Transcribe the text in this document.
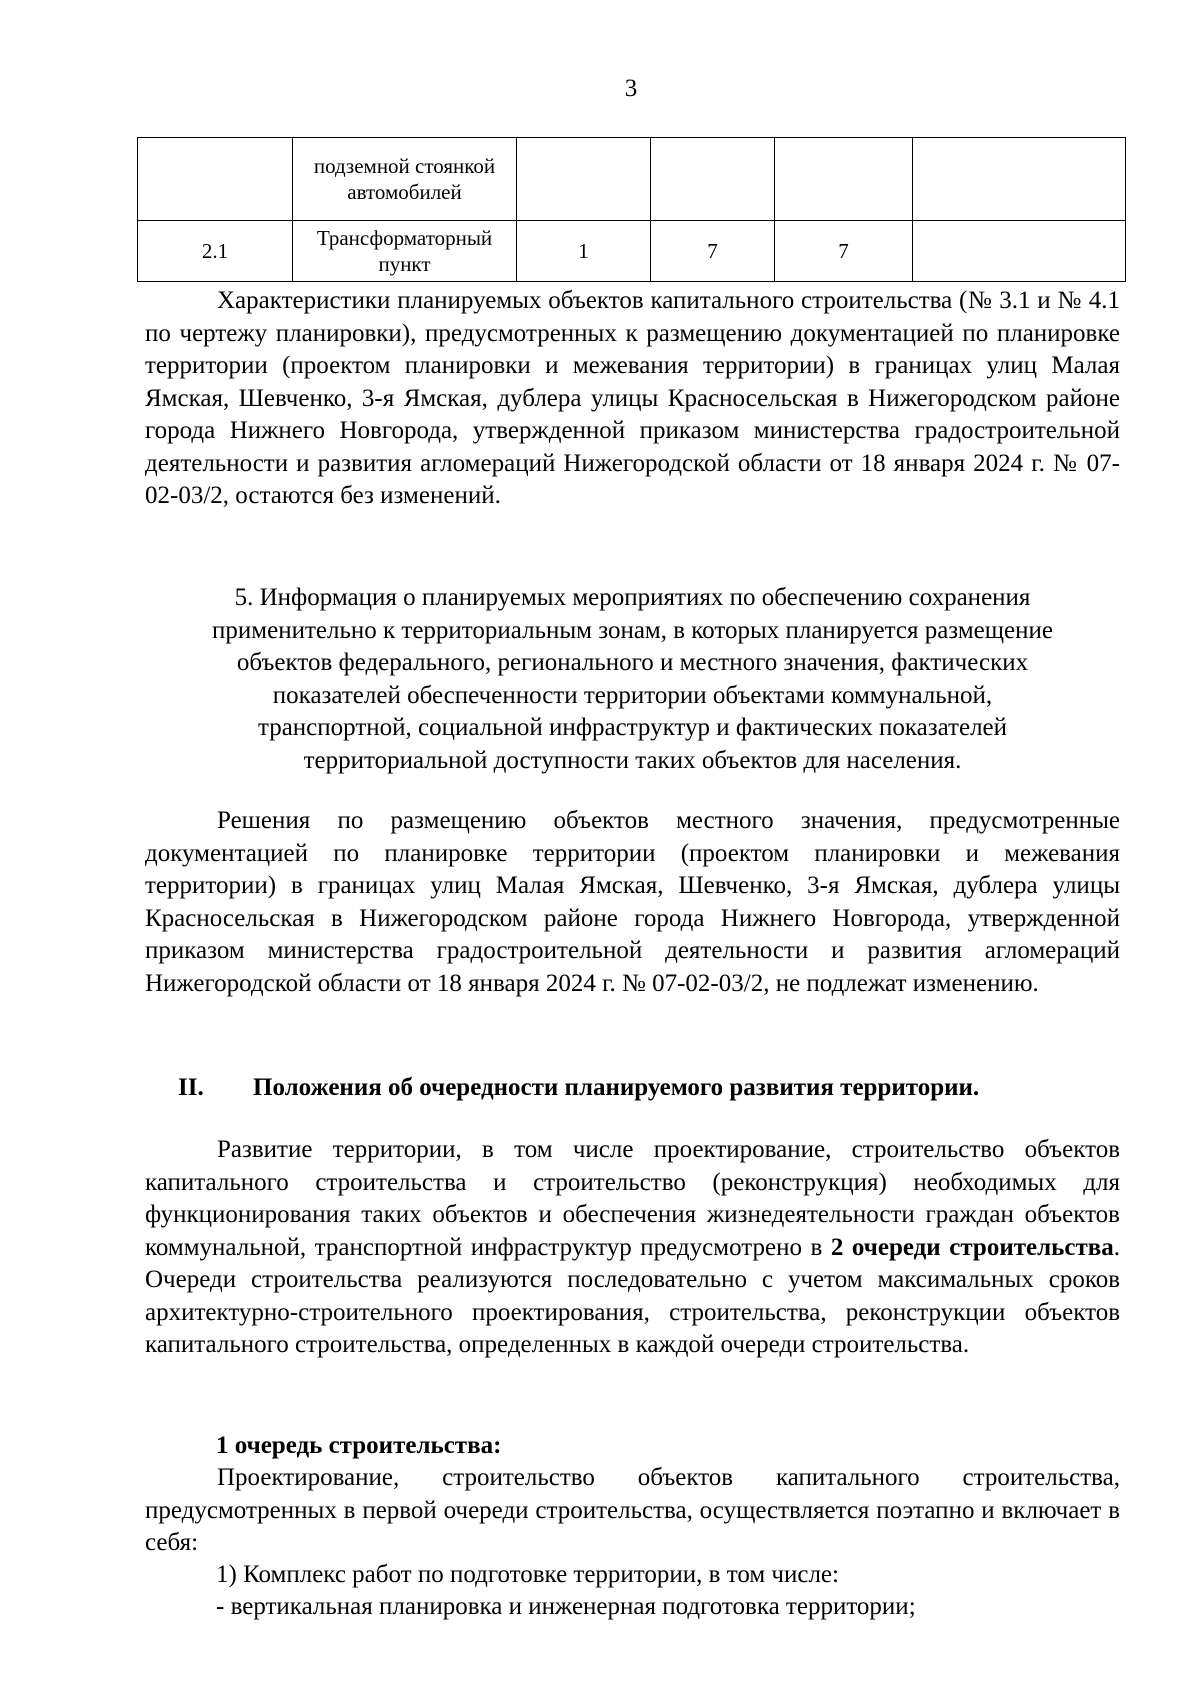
3
	подземной стоянкой автомобилей				
2.1	Трансформаторный пункт	1	7	7	

Характеристики планируемых объектов капитального строительства (№ 3.1 и № 4.1 по чертежу планировки), предусмотренных к размещению документацией по планировке территории (проектом планировки и межевания территории) в границах улиц Малая Ямская, Шевченко, 3-я Ямская, дублера улицы Красносельская в Нижегородском районе города Нижнего Новгорода, утвержденной приказом министерства градостроительной деятельности и развития агломераций Нижегородской области от 18 января 2024 г. № 07-02-03/2, остаются без изменений.

5. Информация о планируемых мероприятиях по обеспечению сохранения
применительно к территориальным зонам, в которых планируется размещение
объектов федерального, регионального и местного значения, фактических
показателей обеспеченности территории объектами коммунальной,
транспортной, социальной инфраструктур и фактических показателей
территориальной доступности таких объектов для населения.

Решения по размещению объектов местного значения, предусмотренные документацией по планировке территории (проектом планировки и межевания территории) в границах улиц Малая Ямская, Шевченко, 3-я Ямская, дублера улицы Красносельская в Нижегородском районе города Нижнего Новгорода, утвержденной приказом министерства градостроительной деятельности и развития агломераций Нижегородской области от 18 января 2024 г. № 07-02-03/2, не подлежат изменению.

II. Положения об очередности планируемого развития территории.

Развитие территории, в том числе проектирование, строительство объектов капитального строительства и строительство (реконструкция) необходимых для функционирования таких объектов и обеспечения жизнедеятельности граждан объектов коммунальной, транспортной инфраструктур предусмотрено в 2 очереди строительства. Очереди строительства реализуются последовательно с учетом максимальных сроков архитектурно-строительного проектирования, строительства, реконструкции объектов капитального строительства, определенных в каждой очереди строительства.

1 очередь строительства:

Проектирование, строительство объектов капитального строительства, предусмотренных в первой очереди строительства, осуществляется поэтапно и включает в себя:

1) Комплекс работ по подготовке территории, в том числе:
- вертикальная планировка и инженерная подготовка территории;
